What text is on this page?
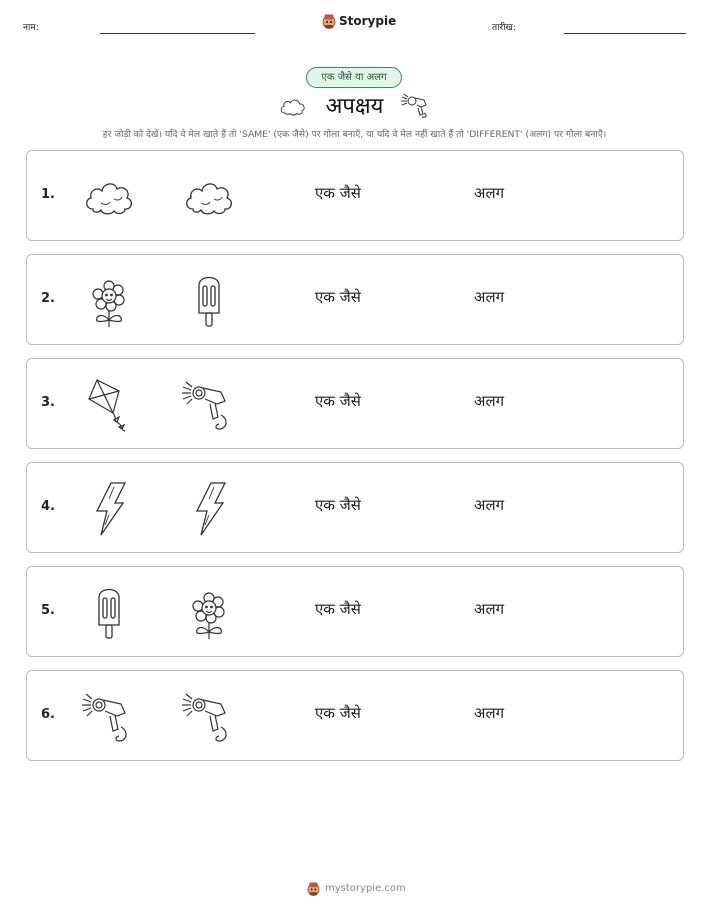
नाम:	Storypie	तारीख:
एक जैसे या अलग
अपक्षय
हर जोड़ी को देखें। यदि वे मेल खाते हैं तो 'SAME' (एक जैसे) पर गोला बनाएँ, या यदि वे मेल नहीं खाते हैं तो 'DIFFERENT' (अलग) पर गोला बनाएँ।
1.	एक जैसे	अलग
2.	एक जैसे	अलग
3.	एक जैसे	अलग
4.	एक जैसे	अलग
5.	एक जैसे	अलग
6.	एक जैसे	अलग
mystorypie.com
